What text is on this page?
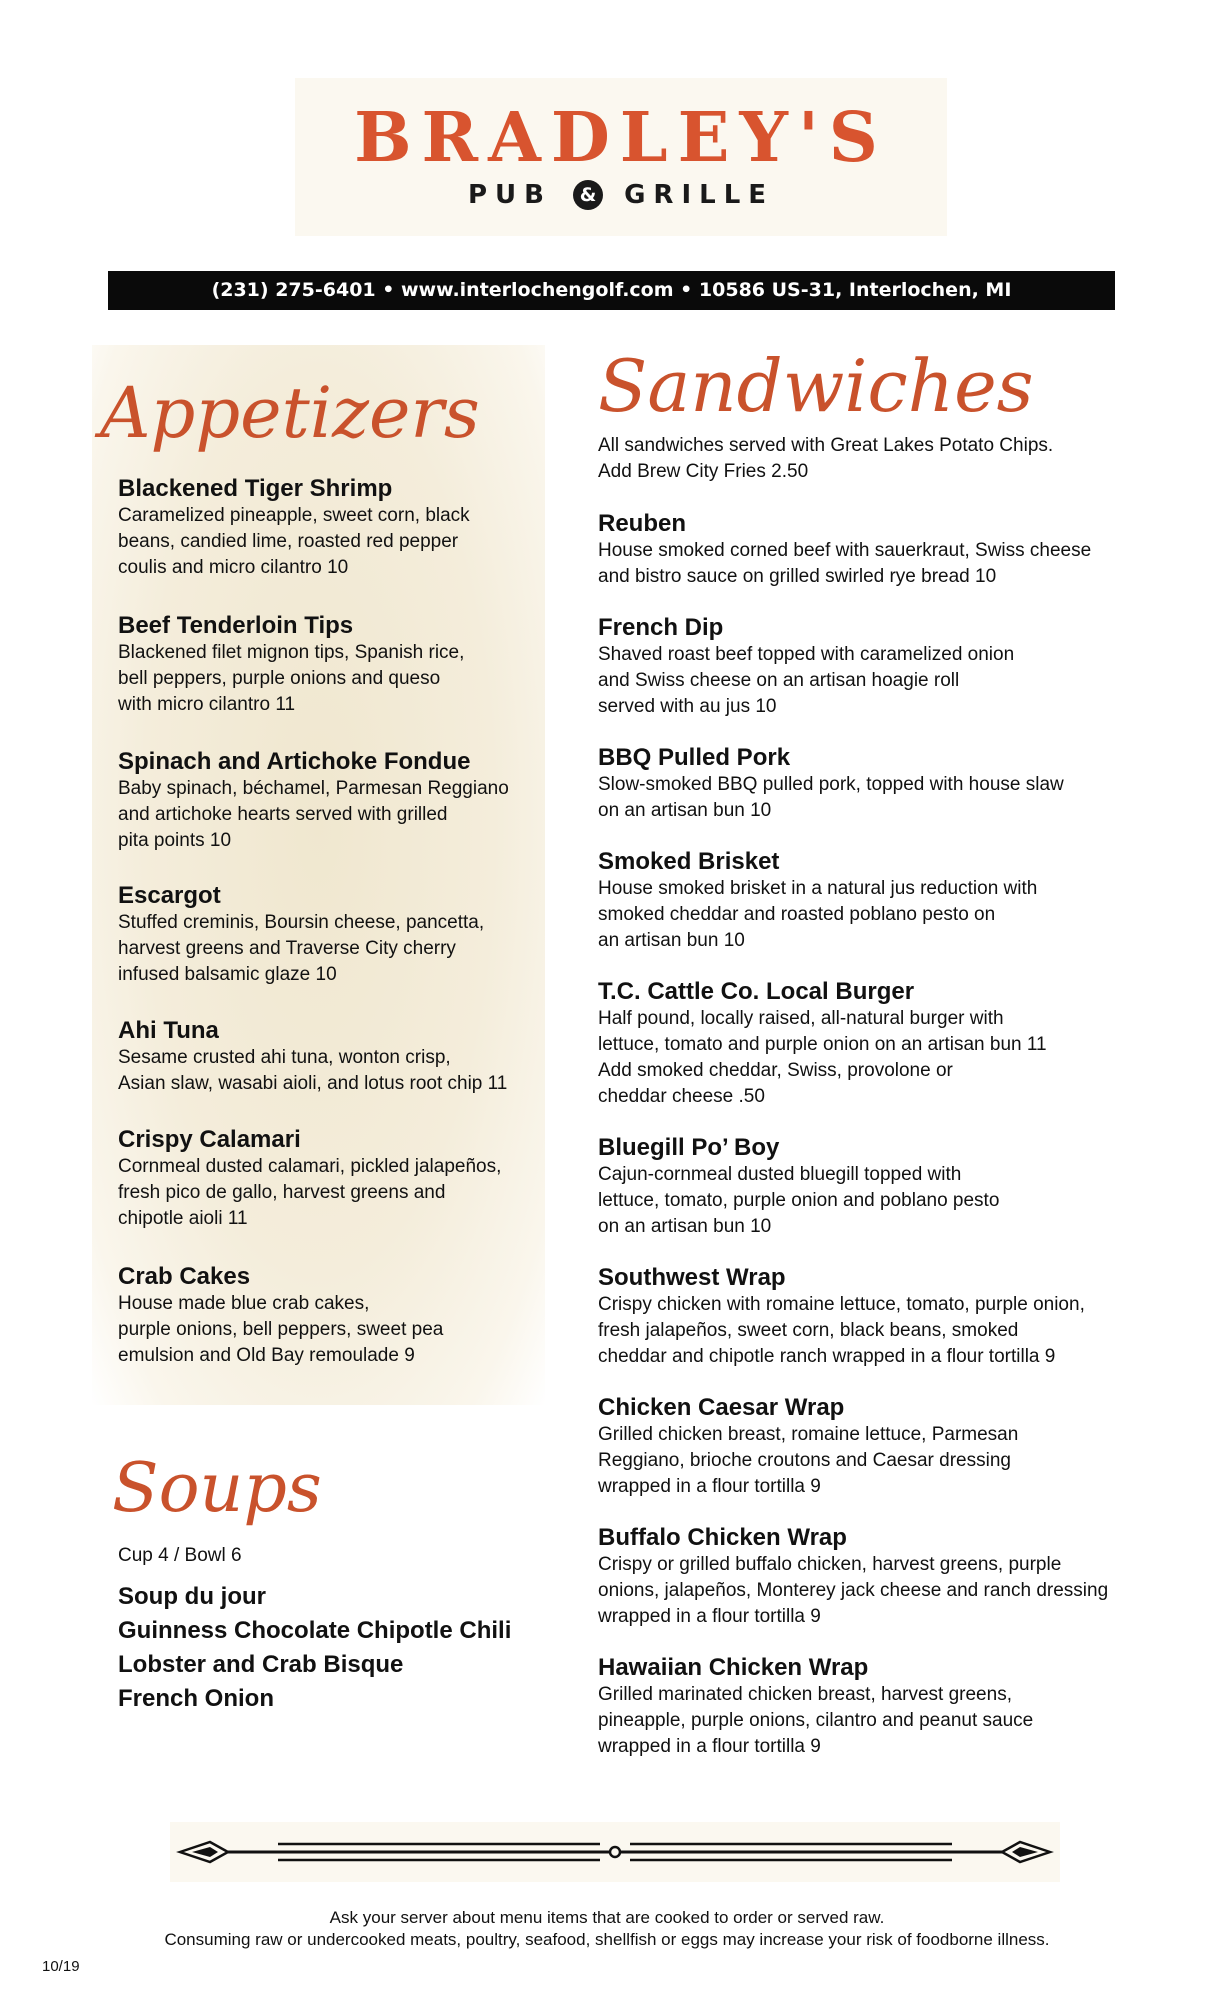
BRADLEY'S
PUB & GRILLE
(231) 275-6401 • www.interlochengolf.com • 10586 US-31, Interlochen, MI
Appetizers
Blackened Tiger Shrimp
Caramelized pineapple, sweet corn, black
beans, candied lime, roasted red pepper
coulis and micro cilantro 10
Beef Tenderloin Tips
Blackened filet mignon tips, Spanish rice,
bell peppers, purple onions and queso
with micro cilantro 11
Spinach and Artichoke Fondue
Baby spinach, béchamel, Parmesan Reggiano
and artichoke hearts served with grilled
pita points 10
Escargot
Stuffed creminis, Boursin cheese, pancetta,
harvest greens and Traverse City cherry
infused balsamic glaze 10
Ahi Tuna
Sesame crusted ahi tuna, wonton crisp,
Asian slaw, wasabi aioli, and lotus root chip 11
Crispy Calamari
Cornmeal dusted calamari, pickled jalapeños,
fresh pico de gallo, harvest greens and
chipotle aioli 11
Crab Cakes
House made blue crab cakes,
purple onions, bell peppers, sweet pea
emulsion and Old Bay remoulade 9
Soups
Cup 4 / Bowl 6
Soup du jour
Guinness Chocolate Chipotle Chili
Lobster and Crab Bisque
French Onion
Sandwiches
All sandwiches served with Great Lakes Potato Chips.
Add Brew City Fries 2.50
Reuben
House smoked corned beef with sauerkraut, Swiss cheese
and bistro sauce on grilled swirled rye bread 10
French Dip
Shaved roast beef topped with caramelized onion
and Swiss cheese on an artisan hoagie roll
served with au jus 10
BBQ Pulled Pork
Slow-smoked BBQ pulled pork, topped with house slaw
on an artisan bun 10
Smoked Brisket
House smoked brisket in a natural jus reduction with
smoked cheddar and roasted poblano pesto on
an artisan bun 10
T.C. Cattle Co. Local Burger
Half pound, locally raised, all-natural burger with
lettuce, tomato and purple onion on an artisan bun 11
Add smoked cheddar, Swiss, provolone or
cheddar cheese .50
Bluegill Po’ Boy
Cajun-cornmeal dusted bluegill topped with
lettuce, tomato, purple onion and poblano pesto
on an artisan bun 10
Southwest Wrap
Crispy chicken with romaine lettuce, tomato, purple onion,
fresh jalapeños, sweet corn, black beans, smoked
cheddar and chipotle ranch wrapped in a flour tortilla 9
Chicken Caesar Wrap
Grilled chicken breast, romaine lettuce, Parmesan
Reggiano, brioche croutons and Caesar dressing
wrapped in a flour tortilla 9
Buffalo Chicken Wrap
Crispy or grilled buffalo chicken, harvest greens, purple
onions, jalapeños, Monterey jack cheese and ranch dressing
wrapped in a flour tortilla 9
Hawaiian Chicken Wrap
Grilled marinated chicken breast, harvest greens,
pineapple, purple onions, cilantro and peanut sauce
wrapped in a flour tortilla 9
Ask your server about menu items that are cooked to order or served raw.
Consuming raw or undercooked meats, poultry, seafood, shellfish or eggs may increase your risk of foodborne illness.
10/19
